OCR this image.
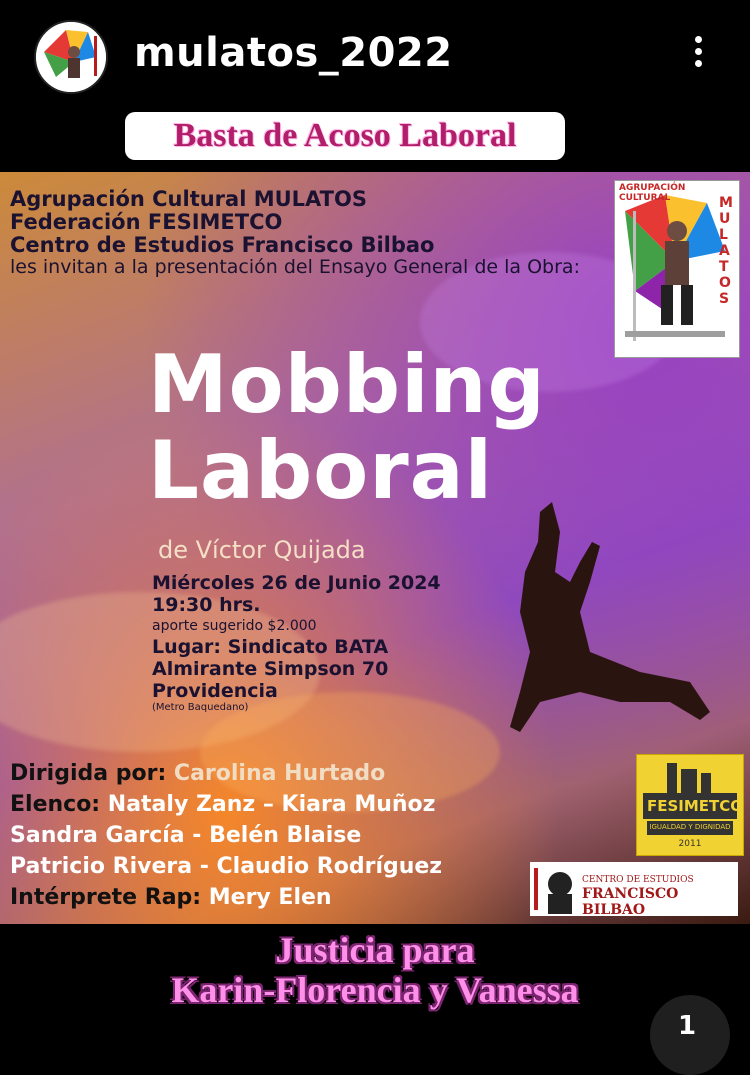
mulatos_2022
Basta de Acoso Laboral
Agrupación Cultural MULATOS
Federación FESIMETCO
Centro de Estudios Francisco Bilbao
les invitan a la presentación del Ensayo General de la Obra:
AGRUPACIÓN CULTURAL	MULATOS
Mobbing
Laboral
de Víctor Quijada
Miércoles 26 de Junio 2024
19:30 hrs.
aporte sugerido $2.000
Lugar: Sindicato BATA
Almirante Simpson 70
Providencia
(Metro Baquedano)
Dirigida por: Carolina Hurtado
Elenco: Nataly Zanz – Kiara Muñoz
Sandra García - Belén Blaise
Patricio Rivera - Claudio Rodríguez
Intérprete Rap: Mery Elen
FESIMETCO
IGUALDAD Y DIGNIDAD
2011
CENTRO DE ESTUDIOS
FRANCISCO BILBAO
Justicia para
Karin-Florencia y Vanessa
1
